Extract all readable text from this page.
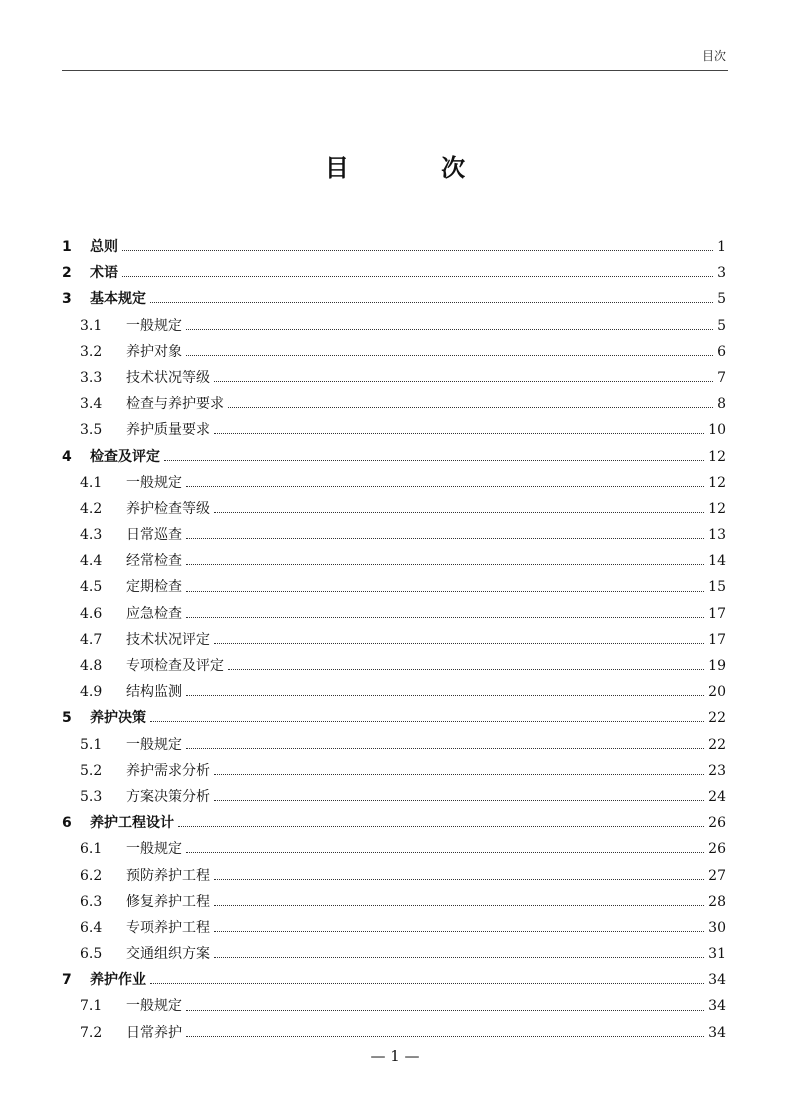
目次
目 次
1	总则	1
2	术语	3
3	基本规定	5
3.1	一般规定	5
3.2	养护对象	6
3.3	技术状况等级	7
3.4	检查与养护要求	8
3.5	养护质量要求	10
4	检查及评定	12
4.1	一般规定	12
4.2	养护检查等级	12
4.3	日常巡查	13
4.4	经常检查	14
4.5	定期检查	15
4.6	应急检查	17
4.7	技术状况评定	17
4.8	专项检查及评定	19
4.9	结构监测	20
5	养护决策	22
5.1	一般规定	22
5.2	养护需求分析	23
5.3	方案决策分析	24
6	养护工程设计	26
6.1	一般规定	26
6.2	预防养护工程	27
6.3	修复养护工程	28
6.4	专项养护工程	30
6.5	交通组织方案	31
7	养护作业	34
7.1	一般规定	34
7.2	日常养护	34
— 1 —
